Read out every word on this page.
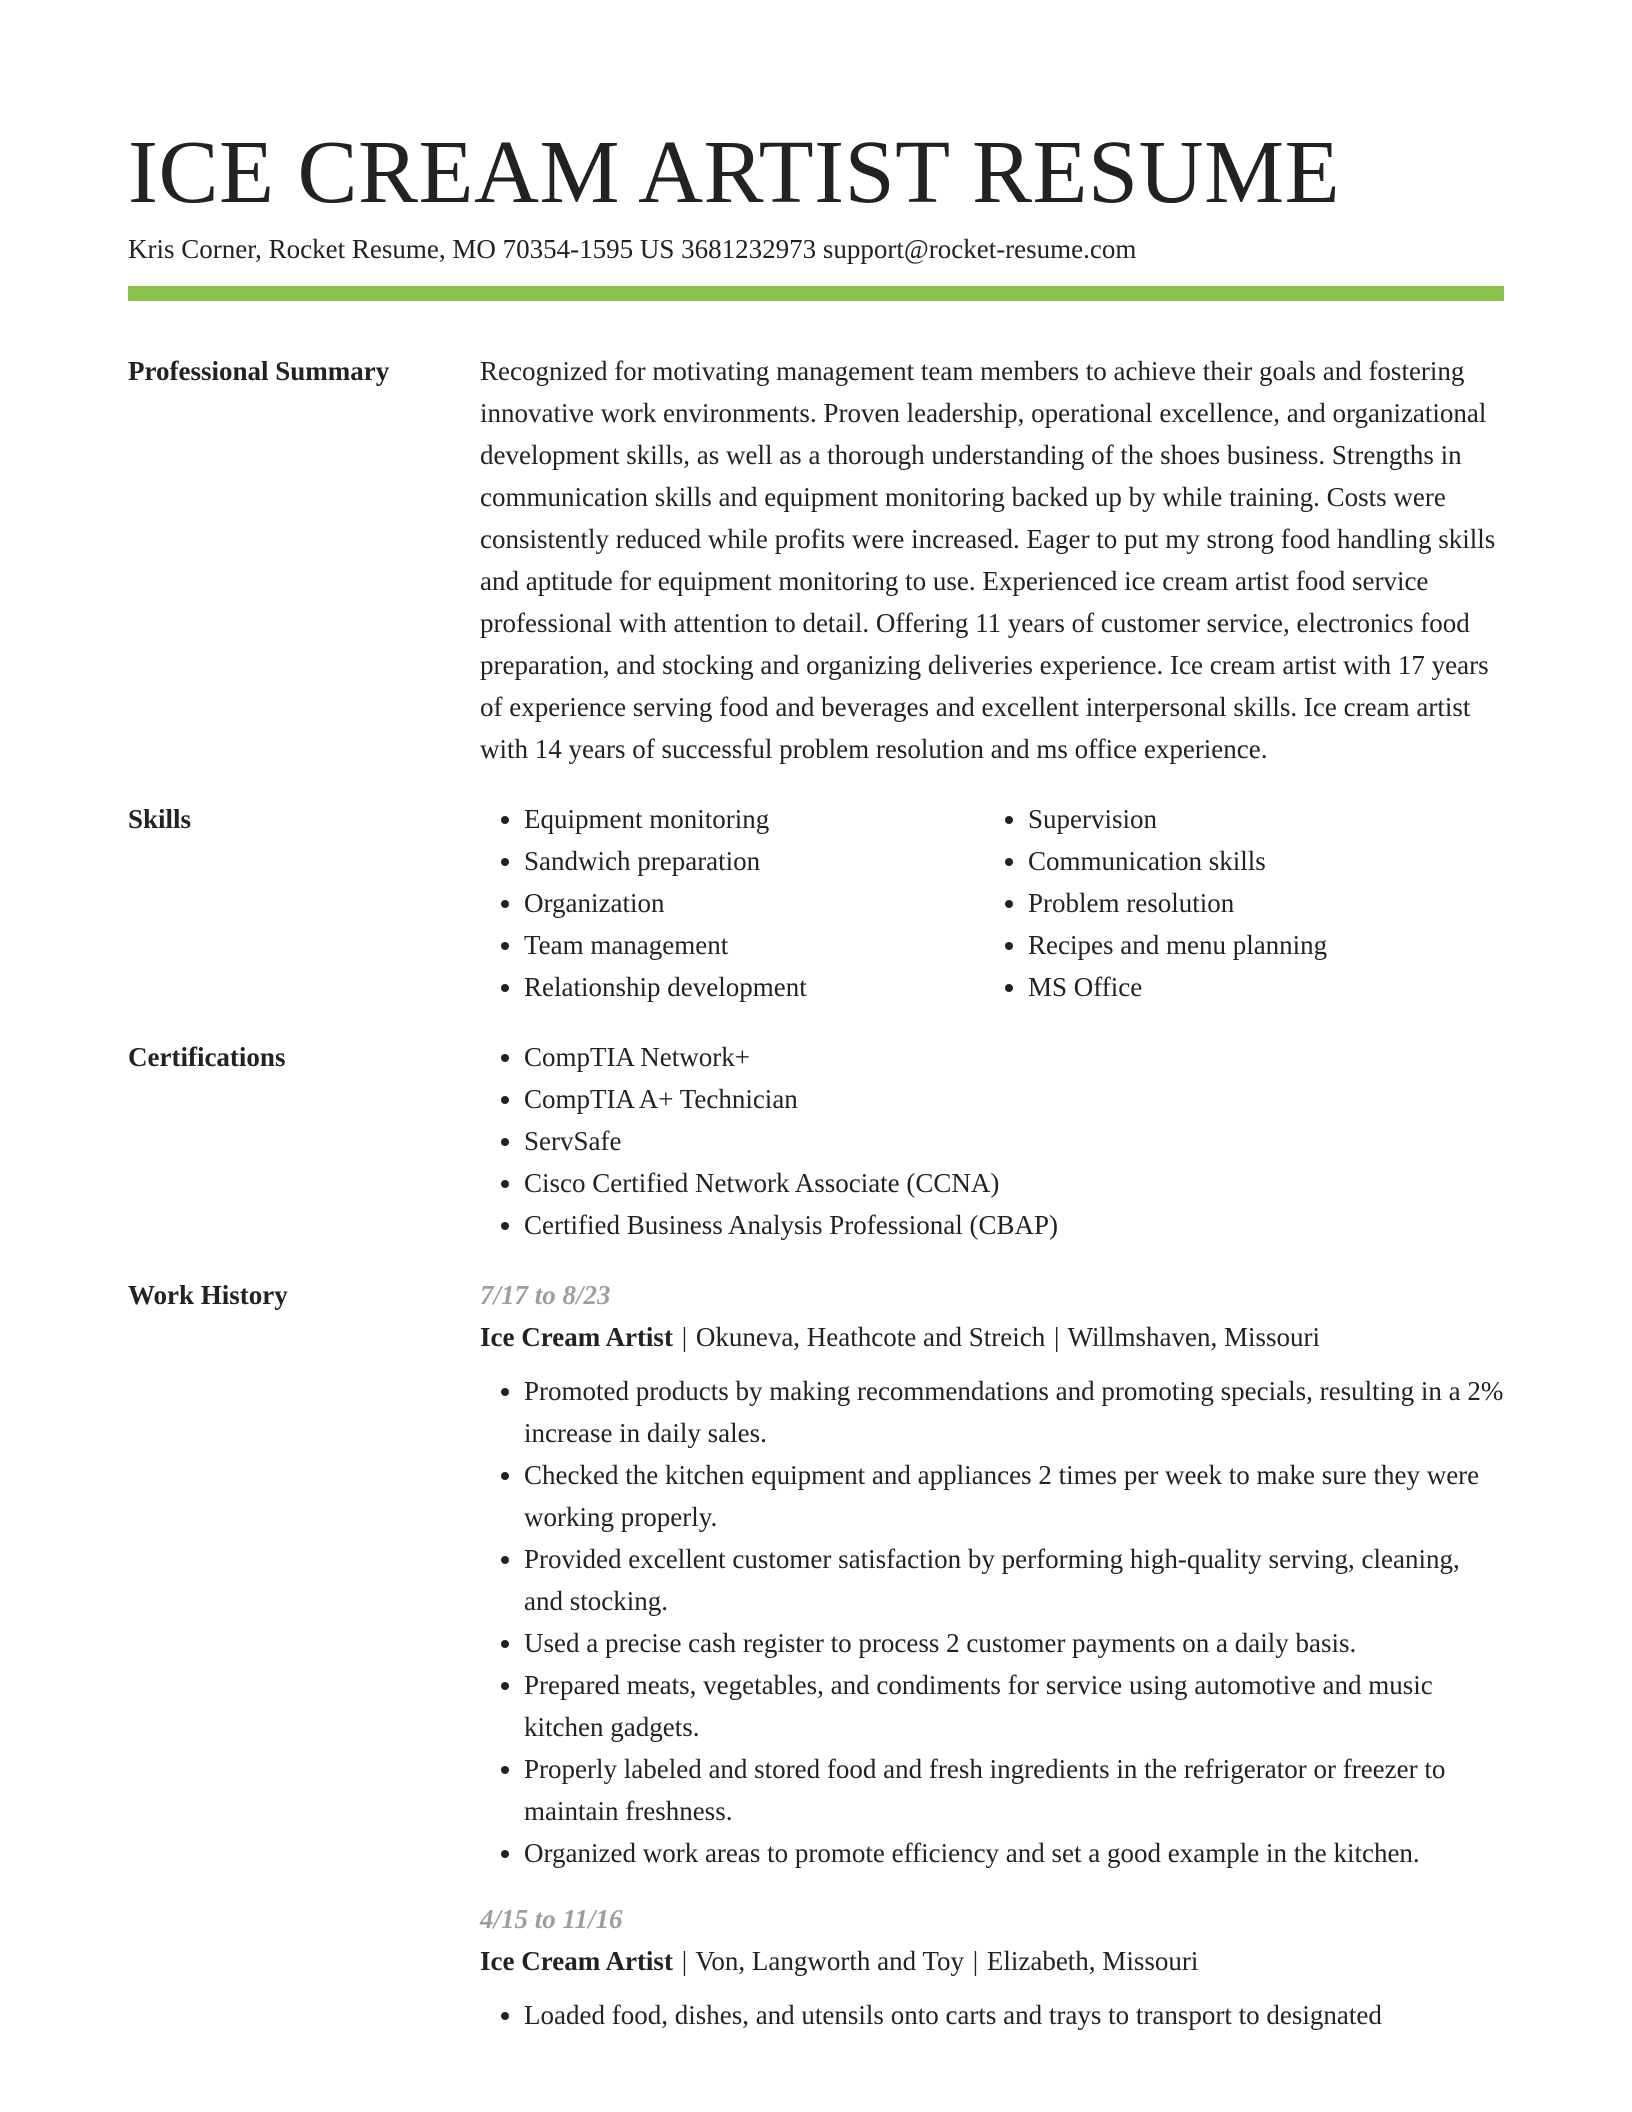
ICE CREAM ARTIST RESUME
Kris Corner, Rocket Resume, MO 70354-1595 US 3681232973 support@rocket-resume.com
Professional Summary	Recognized for motivating management team members to achieve their goals and fostering innovative work environments. Proven leadership, operational excellence, and organizational development skills, as well as a thorough understanding of the shoes business. Strengths in communication skills and equipment monitoring backed up by while training. Costs were consistently reduced while profits were increased. Eager to put my strong food handling skills and aptitude for equipment monitoring to use. Experienced ice cream artist food service professional with attention to detail. Offering 11 years of customer service, electronics food preparation, and stocking and organizing deliveries experience. Ice cream artist with 17 years of experience serving food and beverages and excellent interpersonal skills. Ice cream artist with 14 years of successful problem resolution and ms office experience.

Skills	• Equipment monitoring
• Sandwich preparation
• Organization
• Team management
• Relationship development
• Supervision
• Communication skills
• Problem resolution
• Recipes and menu planning
• MS Office
Certifications	• CompTIA Network+
• CompTIA A+ Technician
• ServSafe
• Cisco Certified Network Associate (CCNA)
• Certified Business Analysis Professional (CBAP)
Work History	7/17 to 8/23
Ice Cream Artist | Okuneva, Heathcote and Streich | Willmshaven, Missouri
• Promoted products by making recommendations and promoting specials, resulting in a 2% increase in daily sales.
• Checked the kitchen equipment and appliances 2 times per week to make sure they were working properly.
• Provided excellent customer satisfaction by performing high-quality serving, cleaning, and stocking.
• Used a precise cash register to process 2 customer payments on a daily basis.
• Prepared meats, vegetables, and condiments for service using automotive and music kitchen gadgets.
• Properly labeled and stored food and fresh ingredients in the refrigerator or freezer to maintain freshness.
• Organized work areas to promote efficiency and set a good example in the kitchen.
4/15 to 11/16
Ice Cream Artist | Von, Langworth and Toy | Elizabeth, Missouri
• Loaded food, dishes, and utensils onto carts and trays to transport to designated
